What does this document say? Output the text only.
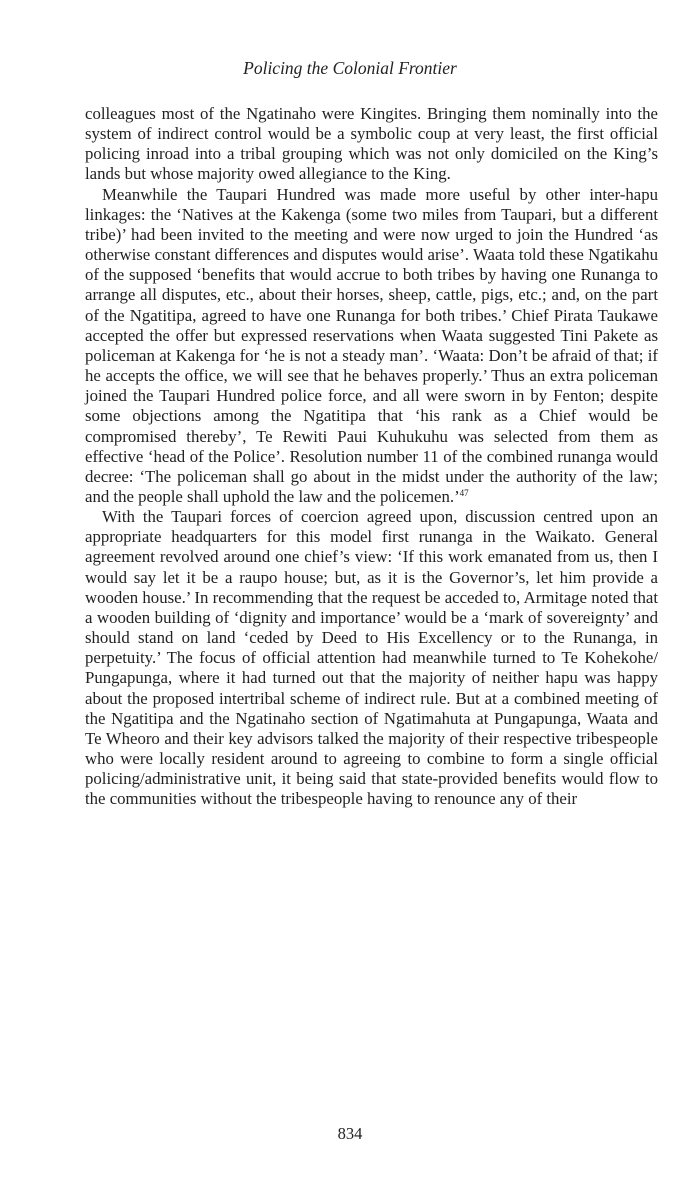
Policing the Colonial Frontier

colleagues most of the Ngatinaho were Kingites. Bringing them nominally into the system of indirect control would be a symbolic coup at very least, the first official policing inroad into a tribal grouping which was not only domiciled on the King’s lands but whose majority owed allegiance to the King.

Meanwhile the Taupari Hundred was made more useful by other inter-hapu linkages: the ‘Natives at the Kakenga (some two miles from Taupari, but a different tribe)’ had been invited to the meeting and were now urged to join the Hundred ‘as otherwise constant differences and disputes would arise’. Waata told these Ngatikahu of the supposed ‘benefits that would accrue to both tribes by having one Runanga to arrange all disputes, etc., about their horses, sheep, cattle, pigs, etc.; and, on the part of the Ngatitipa, agreed to have one Runanga for both tribes.’ Chief Pirata Taukawe accepted the offer but expressed reservations when Waata suggested Tini Pakete as policeman at Kakenga for ‘he is not a steady man’. ‘Waata: Don’t be afraid of that; if he accepts the office, we will see that he behaves properly.’ Thus an extra policeman joined the Taupari Hundred police force, and all were sworn in by Fenton; despite some objections among the Ngatitipa that ‘his rank as a Chief would be compromised thereby’, Te Rewiti Paui Kuhukuhu was selected from them as effective ‘head of the Police’. Resolution number 11 of the combined runanga would decree: ‘The policeman shall go about in the midst under the authority of the law; and the people shall uphold the law and the policemen.’$^{47}$

With the Taupari forces of coercion agreed upon, discussion centred upon an appropriate headquarters for this model first runanga in the Waikato. General agreement revolved around one chief’s view: ‘If this work emanated from us, then I would say let it be a raupo house; but, as it is the Governor’s, let him provide a wooden house.’ In recommending that the request be acceded to, Armitage noted that a wooden building of ‘dignity and importance’ would be a ‘mark of sovereignty’ and should stand on land ‘ceded by Deed to His Excellency or to the Runanga, in perpetuity.’ The focus of official attention had meanwhile turned to Te Kohekohe/ Pungapunga, where it had turned out that the majority of neither hapu was happy about the proposed intertribal scheme of indirect rule. But at a combined meeting of the Ngatitipa and the Ngatinaho section of Ngatimahuta at Pungapunga, Waata and Te Wheoro and their key advisors talked the majority of their respective tribespeople who were locally resident around to agreeing to combine to form a single official policing/administrative unit, it being said that state-provided benefits would flow to the communities without the tribespeople having to renounce any of their

834
